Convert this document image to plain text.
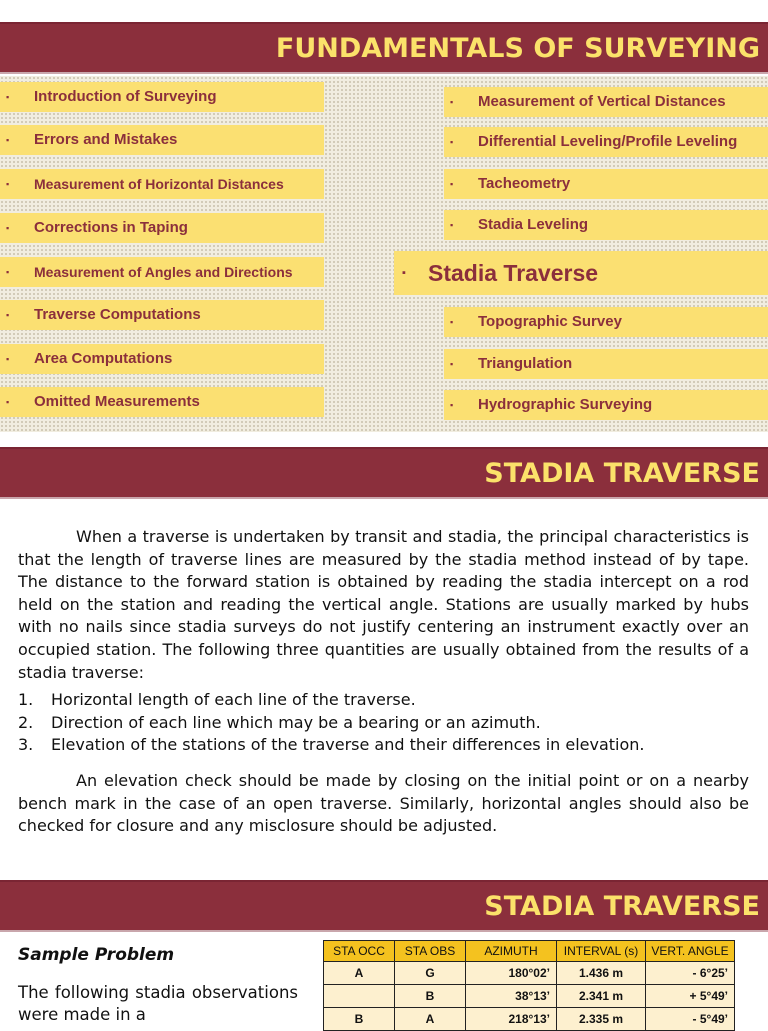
FUNDAMENTALS OF SURVEYING
▪ Introduction of Surveying
▪ Errors and Mistakes
▪ Measurement of Horizontal Distances
▪ Corrections in Taping
▪ Measurement of Angles and Directions
▪ Traverse Computations
▪ Area Computations
▪ Omitted Measurements
▪ Measurement of Vertical Distances
▪ Differential Leveling/Profile Leveling
▪ Tacheometry
▪ Stadia Leveling
▪ Stadia Traverse
▪ Topographic Survey
▪ Triangulation
▪ Hydrographic Surveying
STADIA TRAVERSE

When a traverse is undertaken by transit and stadia, the principal characteristics is that the length of traverse lines are measured by the stadia method instead of by tape. The distance to the forward station is obtained by reading the stadia intercept on a rod held on the station and reading the vertical angle. Stations are usually marked by hubs with no nails since stadia surveys do not justify centering an instrument exactly over an occupied station. The following three quantities are usually obtained from the results of a stadia traverse:

1. Horizontal length of each line of the traverse.
2. Direction of each line which may be a bearing or an azimuth.
3. Elevation of the stations of the traverse and their differences in elevation.

An elevation check should be made by closing on the initial point or on a nearby bench mark in the case of an open traverse. Similarly, horizontal angles should also be checked for closure and any misclosure should be adjusted.

STADIA TRAVERSE
Sample Problem

The following stadia observations were made in a

STA OCC	STA OBS	AZIMUTH	INTERVAL (s)	VERT. ANGLE
A	G	180°02’	1.436 m	- 6°25’
	B	38°13’	2.341 m	+ 5°49’
B	A	218°13’	2.335 m	- 5°49’
